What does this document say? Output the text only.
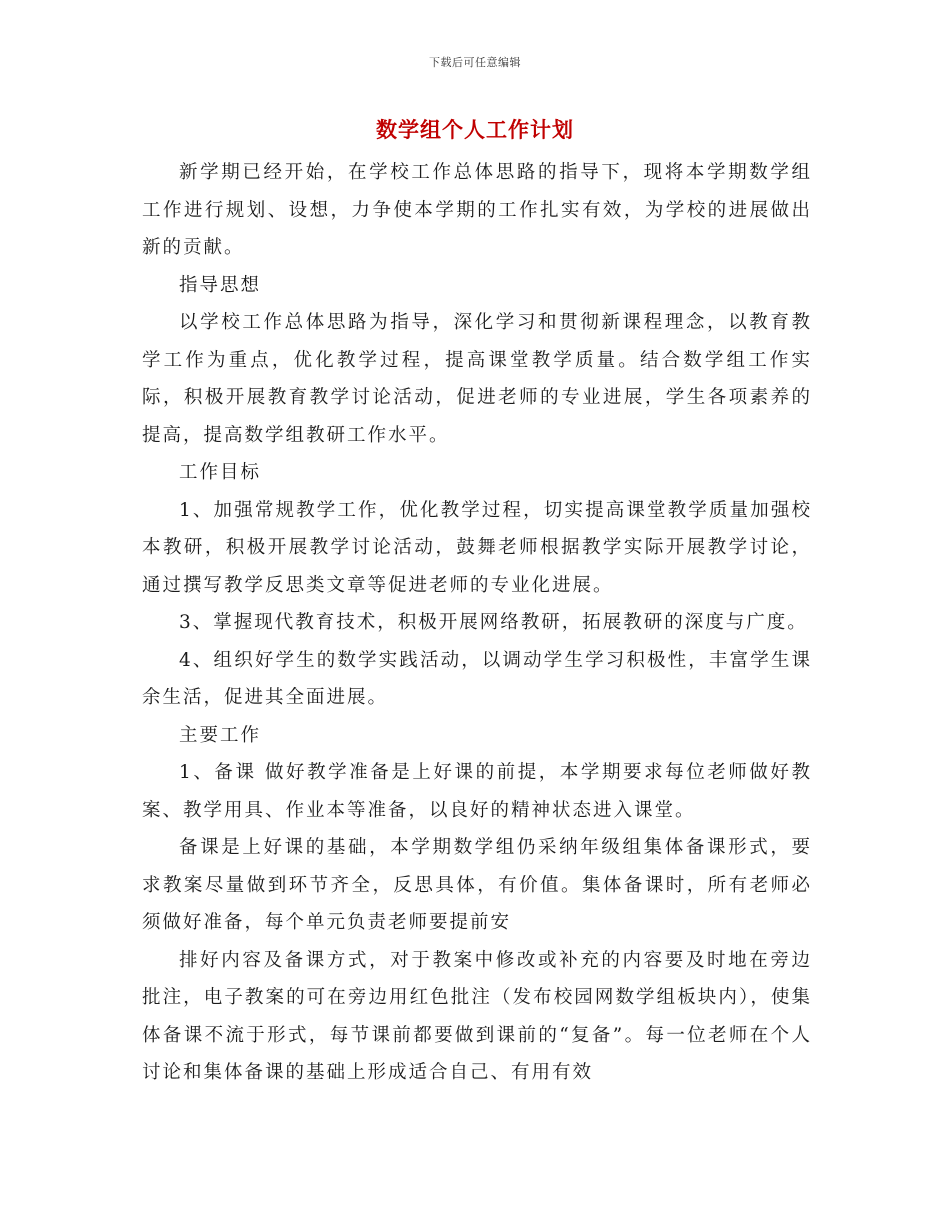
下载后可任意编辑
数学组个人工作计划

新学期已经开始，在学校工作总体思路的指导下，现将本学期数学组工作进行规划、设想，力争使本学期的工作扎实有效，为学校的进展做出新的贡献。

指导思想

以学校工作总体思路为指导，深化学习和贯彻新课程理念，以教育教学工作为重点，优化教学过程，提高课堂教学质量。结合数学组工作实际，积极开展教育教学讨论活动，促进老师的专业进展，学生各项素养的提高，提高数学组教研工作水平。

工作目标

1、加强常规教学工作，优化教学过程，切实提高课堂教学质量加强校本教研，积极开展教学讨论活动，鼓舞老师根据教学实际开展教学讨论，通过撰写教学反思类文章等促进老师的专业化进展。

3、掌握现代教育技术，积极开展网络教研，拓展教研的深度与广度。

4、组织好学生的数学实践活动，以调动学生学习积极性，丰富学生课余生活，促进其全面进展。

主要工作

1、备课 做好教学准备是上好课的前提，本学期要求每位老师做好教案、教学用具、作业本等准备，以良好的精神状态进入课堂。

备课是上好课的基础，本学期数学组仍采纳年级组集体备课形式，要求教案尽量做到环节齐全，反思具体，有价值。集体备课时，所有老师必须做好准备，每个单元负责老师要提前安

排好内容及备课方式，对于教案中修改或补充的内容要及时地在旁边批注，电子教案的可在旁边用红色批注（发布校园网数学组板块内），使集体备课不流于形式，每节课前都要做到课前的“复备”。每一位老师在个人讨论和集体备课的基础上形成适合自己、有用有效
